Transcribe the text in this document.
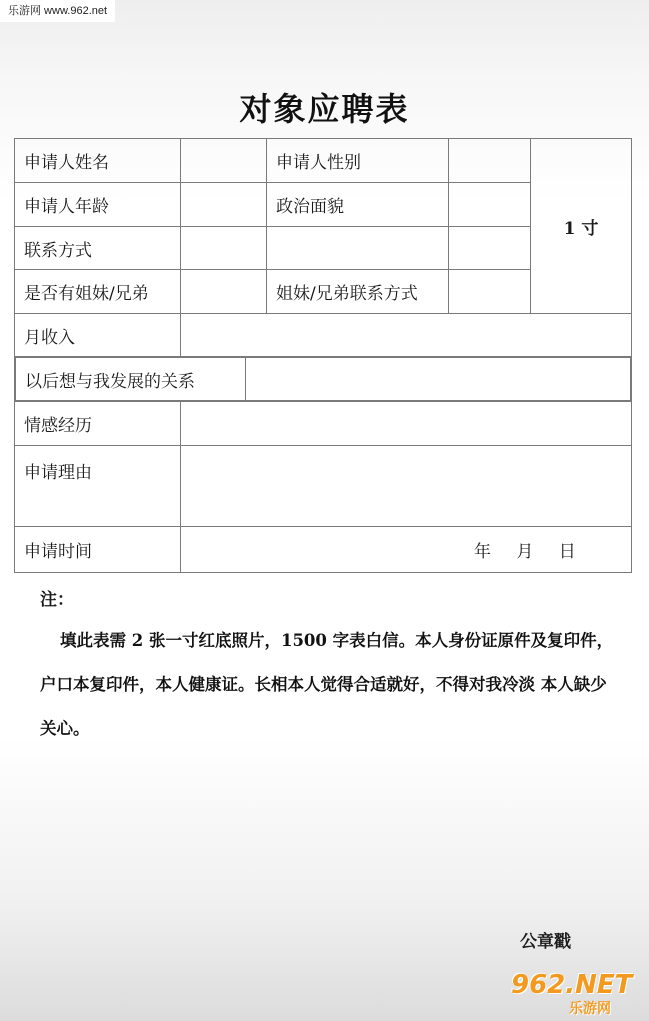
乐游网 www.962.net
对象应聘表
申请人姓名		申请人性别		1 寸
申请人年龄		政治面貌	
联系方式			
是否有姐妹/兄弟		姐妹/兄弟联系方式	
月收入	

以后想与我发展的关系	

情感经历	
申请理由	
申请时间	年 月 日
注：
填此表需 2 张一寸红底照片，1500 字表白信。本人身份证原件及复印件，户口本复印件，本人健康证。长相本人觉得合适就好，不得对我冷淡 本人缺少关心。
公章戳
962.NET
乐游网
